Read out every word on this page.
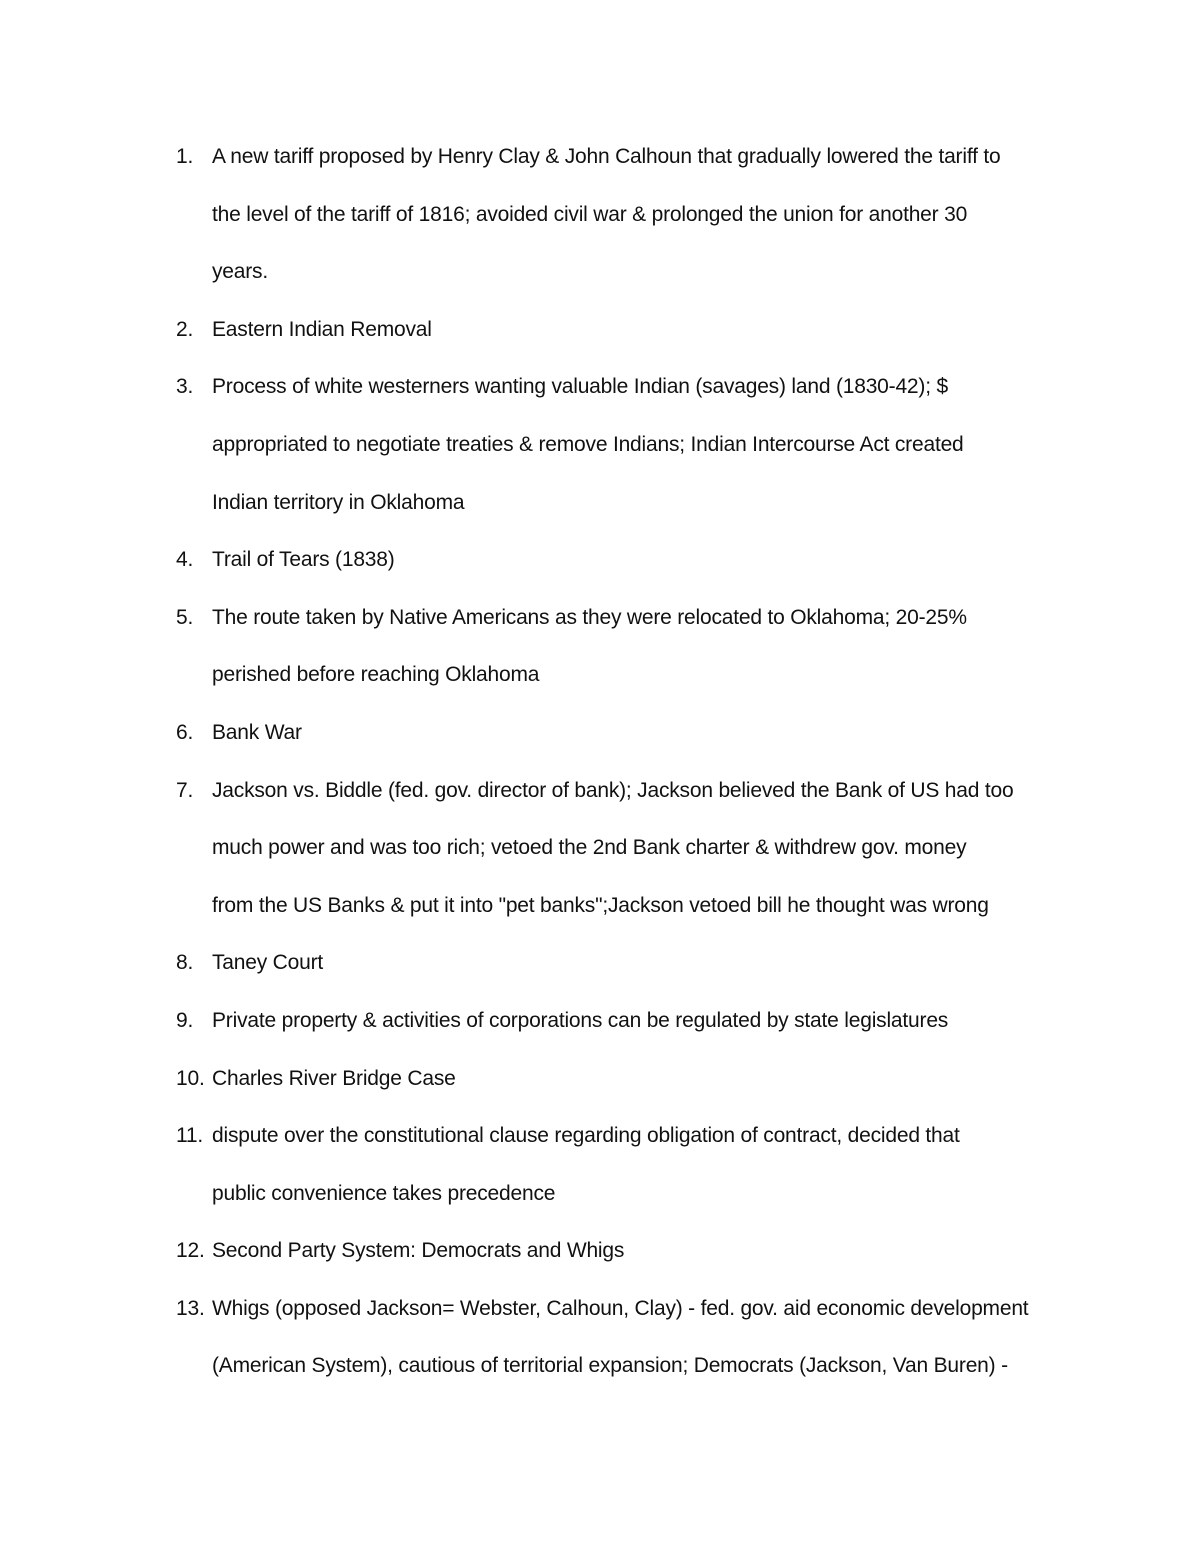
1. A new tariff proposed by Henry Clay & John Calhoun that gradually lowered the tariff to
the level of the tariff of 1816; avoided civil war & prolonged the union for another 30
years.
2. Eastern Indian Removal
3. Process of white westerners wanting valuable Indian (savages) land (1830-42); $
appropriated to negotiate treaties & remove Indians; Indian Intercourse Act created
Indian territory in Oklahoma
4. Trail of Tears (1838)
5. The route taken by Native Americans as they were relocated to Oklahoma; 20-25%
perished before reaching Oklahoma
6. Bank War
7. Jackson vs. Biddle (fed. gov. director of bank); Jackson believed the Bank of US had too
much power and was too rich; vetoed the 2nd Bank charter & withdrew gov. money
from the US Banks & put it into "pet banks";Jackson vetoed bill he thought was wrong
8. Taney Court
9. Private property & activities of corporations can be regulated by state legislatures
10. Charles River Bridge Case
11. dispute over the constitutional clause regarding obligation of contract, decided that
public convenience takes precedence
12. Second Party System: Democrats and Whigs
13. Whigs (opposed Jackson= Webster, Calhoun, Clay) - fed. gov. aid economic development
(American System), cautious of territorial expansion; Democrats (Jackson, Van Buren) -
